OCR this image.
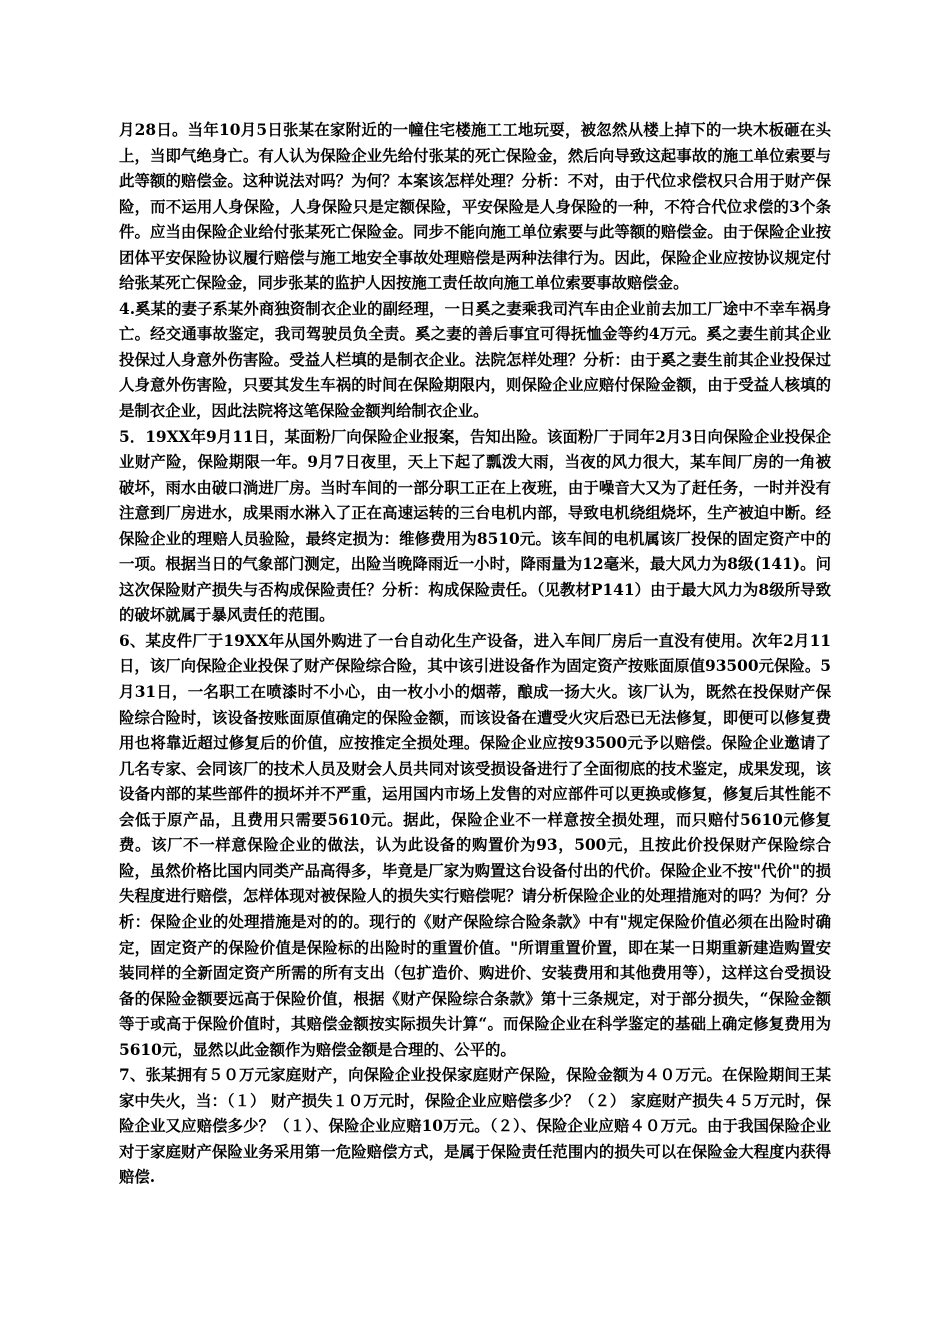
月28日。当年10月5日张某在家附近的一幢住宅楼施工工地玩耍，被忽然从楼上掉下的一块木板砸在头上，当即气绝身亡。有人认为保险企业先给付张某的死亡保险金，然后向导致这起事故的施工单位索要与此等额的赔偿金。这种说法对吗？为何？本案该怎样处理？分析：不对，由于代位求偿权只合用于财产保险，而不运用人身保险，人身保险只是定额保险，平安保险是人身保险的一种，不符合代位求偿的3个条件。应当由保险企业给付张某死亡保险金。同步不能向施工单位索要与此等额的赔偿金。由于保险企业按团体平安保险协议履行赔偿与施工地安全事故处理赔偿是两种法律行为。因此，保险企业应按协议规定付给张某死亡保险金，同步张某的监护人因按施工责任故向施工单位索要事故赔偿金。

4.奚某的妻子系某外商独资制衣企业的副经理，一日奚之妻乘我司汽车由企业前去加工厂途中不幸车祸身亡。经交通事故鉴定，我司驾驶员负全责。奚之妻的善后事宜可得抚恤金等约4万元。奚之妻生前其企业投保过人身意外伤害险。受益人栏填的是制衣企业。法院怎样处理？分析：由于奚之妻生前其企业投保过人身意外伤害险，只要其发生车祸的时间在保险期限内，则保险企业应赔付保险金额，由于受益人核填的是制衣企业，因此法院将这笔保险金额判给制衣企业。

5．19XX年9月11日，某面粉厂向保险企业报案，告知出险。该面粉厂于同年2月3日向保险企业投保企业财产险，保险期限一年。9月7日夜里，天上下起了瓢泼大雨，当夜的风力很大，某车间厂房的一角被破坏，雨水由破口淌进厂房。当时车间的一部分职工正在上夜班，由于噪音大又为了赶任务，一时并没有注意到厂房进水，成果雨水淋入了正在高速运转的三台电机内部，导致电机绕组烧坏，生产被迫中断。经保险企业的理赔人员验险，最终定损为：维修费用为8510元。该车间的电机属该厂投保的固定资产中的一项。根据当日的气象部门测定，出险当晚降雨近一小时，降雨量为12毫米，最大风力为8级(141)。问这次保险财产损失与否构成保险责任？分析：构成保险责任。（见教材P141）由于最大风力为8级所导致的破坏就属于暴风责任的范围。

6、某皮件厂于19XX年从国外购进了一台自动化生产设备，进入车间厂房后一直没有使用。次年2月11日，该厂向保险企业投保了财产保险综合险，其中该引进设备作为固定资产按账面原值93500元保险。5月31日，一名职工在喷漆时不小心，由一枚小小的烟蒂，酿成一扬大火。该厂认为，既然在投保财产保险综合险时，该设备按账面原值确定的保险金额，而该设备在遭受火灾后恐已无法修复，即便可以修复费用也将靠近超过修复后的价值，应按推定全损处理。保险企业应按93500元予以赔偿。保险企业邀请了几名专家、会同该厂的技术人员及财会人员共同对该受损设备进行了全面彻底的技术鉴定，成果发现，该设备内部的某些部件的损坏并不严重，运用国内市场上发售的对应部件可以更换或修复，修复后其性能不会低于原产品，且费用只需要5610元。据此，保险企业不一样意按全损处理，而只赔付5610元修复费。该厂不一样意保险企业的做法，认为此设备的购置价为93，500元，且按此价投保财产保险综合险，虽然价格比国内同类产品高得多，毕竟是厂家为购置这台设备付出的代价。保险企业不按"代价"的损失程度进行赔偿，怎样体现对被保险人的损失实行赔偿呢？请分析保险企业的处理措施对的吗？为何？分析：保险企业的处理措施是对的的。现行的《财产保险综合险条款》中有"规定保险价值必须在出险时确定，固定资产的保险价值是保险标的出险时的重置价值。"所谓重置价置，即在某一日期重新建造购置安装同样的全新固定资产所需的所有支出（包扩造价、购进价、安装费用和其他费用等），这样这台受损设备的保险金额要远高于保险价值，根据《财产保险综合条款》第十三条规定，对于部分损失，“保险金额等于或高于保险价值时，其赔偿金额按实际损失计算“。而保险企业在科学鉴定的基础上确定修复费用为5610元，显然以此金额作为赔偿金额是合理的、公平的。

7、张某拥有５０万元家庭财产，向保险企业投保家庭财产保险，保险金额为４０万元。在保险期间王某家中失火，当：（１） 财产损失１０万元时，保险企业应赔偿多少？（２） 家庭财产损失４５万元时，保险企业又应赔偿多少？（１）、保险企业应赔10万元。（２）、保险企业应赔４０万元。由于我国保险企业对于家庭财产保险业务采用第一危险赔偿方式，是属于保险责任范围内的损失可以在保险金大程度内获得赔偿.
